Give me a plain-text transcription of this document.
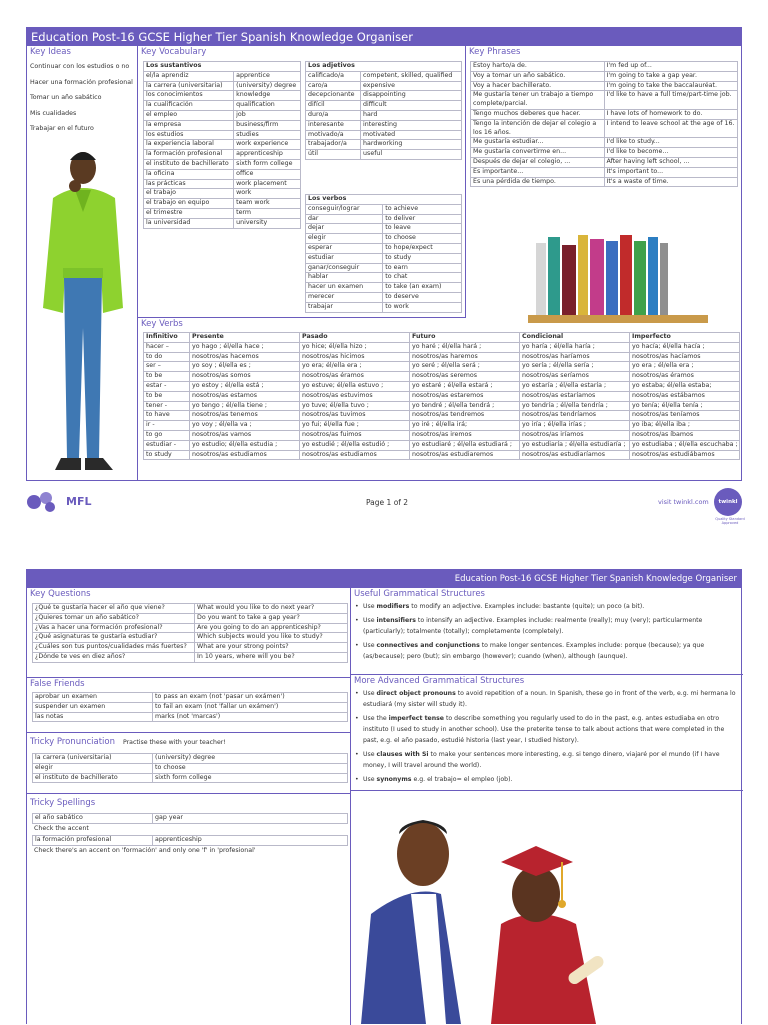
Education Post-16 GCSE Higher Tier Spanish Knowledge Organiser
Key Ideas
Continuar con los estudios o no
Hacer una formación profesional
Tomar un año sabático
Mis cualidades
Trabajar en el futuro
Key Vocabulary
Los sustantivos	
el/la aprendiz	apprentice
la carrera (universitaria)	(university) degree
los conocimientos	knowledge
la cualificación	qualification
el empleo	job
la empresa	business/firm
los estudios	studies
la experiencia laboral	work experience
la formación profesional	apprenticeship
el instituto de bachillerato	sixth form college
la oficina	office
las prácticas	work placement
el trabajo	work
el trabajo en equipo	team work
el trimestre	term
la universidad	university
Los adjetivos	
calificado/a	competent, skilled, qualified
caro/a	expensive
decepcionante	disappointing
difícil	difficult
duro/a	hard
interesante	interesting
motivado/a	motivated
trabajador/a	hardworking
útil	useful
Los verbos	
conseguir/lograr	to achieve
dar	to deliver
dejar	to leave
elegir	to choose
esperar	to hope/expect
estudiar	to study
ganar/conseguir	to earn
hablar	to chat
hacer un examen	to take (an exam)
merecer	to deserve
trabajar	to work
Key Phrases
Estoy harto/a de.	I'm fed up of...
Voy a tomar un año sabático.	I'm going to take a gap year.
Voy a hacer bachillerato.	I'm going to take the baccalauréat.
Me gustaría tener un trabajo a tiempo complete/parcial.	I'd like to have a full time/part-time job.
Tengo muchos deberes que hacer.	I have lots of homework to do.
Tengo la intención de dejar el colegio a los 16 años.	I intend to leave school at the age of 16.
Me gustaría estudiar...	I'd like to study...
Me gustaría convertirme en...	I'd like to become...
Después de dejar el colegio, ...	After having left school, ...
Es importante...	It's important to...
Es una pérdida de tiempo.	It's a waste of time.
Key Verbs
Infinitivo	Presente	Pasado	Futuro	Condicional	Imperfecto
hacer –	yo hago ; él/ella hace ;	yo hice; él/ella hizo ;	yo haré ; él/ella hará ;	yo haría ; él/ella haría ;	yo hacía; él/ella hacía ;
to do	nosotros/as hacemos	nosotros/as hicimos	nosotros/as haremos	nosotros/as haríamos	nosotros/as hacíamos
ser –	yo soy ; él/ella es ;	yo era; él/ella era ;	yo seré ; él/ella será ;	yo sería ; él/ella sería ;	yo era ; él/ella era ;
to be	nosotros/as somos	nosotros/as éramos	nosotros/as seremos	nosotros/as seríamos	nosotros/as éramos
estar -	yo estoy ; él/ella está ;	yo estuve; él/ella estuvo ;	yo estaré ; él/ella estará ;	yo estaría ; él/ella estaría ;	yo estaba; él/ella estaba;
to be	nosotros/as estamos	nosotros/as estuvimos	nosotros/as estaremos	nosotros/as estaríamos	nosotros/as estábamos
tener -	yo tengo ; él/ella tiene ;	yo tuve; él/ella tuvo ;	yo tendré ; él/ella tendrá ;	yo tendría ; él/ella tendría ;	yo tenía; él/ella tenía ;
to have	nosotros/as tenemos	nosotros/as tuvimos	nosotros/as tendremos	nosotros/as tendríamos	nosotros/as teníamos
ir -	yo voy ; él/ella va ;	yo fui; él/ella fue ;	yo iré ; él/ella irá;	yo iría ; él/ella irías ;	yo iba; él/ella iba ;
to go	nosotros/as vamos	nosotros/as fuimos	nosotros/as iremos	nosotros/as iríamos	nosotros/as íbamos
estudiar -	yo estudio; él/ella estudia ;	yo estudié ; él/ella estudió ;	yo estudiaré ; él/ella estudiará ;	yo estudiaría ; él/ella estudiaría ;	yo estudiaba ; él/ella escuchaba ;
to study	nosotros/as estudiamos	nosotros/as estudiamos	nosotros/as estudiaremos	nosotros/as estudiaríamos	nosotros/as estudiábamos
MFL	Page 1 of 2	visit twinkl.com	twinkl
Quality Standard Approved
Education Post-16 GCSE Higher Tier Spanish Knowledge Organiser
Key Questions
¿Qué te gustaría hacer el año que viene?	What would you like to do next year?
¿Quieres tomar un año sabático?	Do you want to take a gap year?
¿Vas a hacer una formación profesional?	Are you going to do an apprenticeship?
¿Qué asignaturas te gustaría estudiar?	Which subjects would you like to study?
¿Cuáles son tus puntos/cualidades más fuertes?	What are your strong points?
¿Dónde te ves en diez años?	In 10 years, where will you be?
False Friends
aprobar un examen	to pass an exam (not 'pasar un exámen')
suspender un examen	to fail an exam (not 'fallar un exámen')
las notas	marks (not 'marcas')
Tricky Pronunciation Practise these with your teacher!
la carrera (universitaria)	(university) degree
elegir	to choose
el instituto de bachillerato	sixth form college
Tricky Spellings
el año sabático	gap year
Check the accent
la formación profesional	apprenticeship
Check there's an accent on 'formación' and only one 'f' in 'profesional'
Useful Grammatical Structures
• Use modifiers to modify an adjective. Examples include: bastante (quite); un poco (a bit).
• Use intensifiers to intensify an adjective. Examples include: realmente (really); muy (very); particularmente (particularly); totalmente (totally); completamente (completely).
• Use connectives and conjunctions to make longer sentences. Examples include: porque (because); ya que (as/because); pero (but); sin embargo (however); cuando (when), although (aunque).
More Advanced Grammatical Structures
• Use direct object pronouns to avoid repetition of a noun. In Spanish, these go in front of the verb, e.g. mi hermana lo estudiará (my sister will study it).
• Use the imperfect tense to describe something you regularly used to do in the past, e.g. antes estudiaba en otro instituto (I used to study in another school). Use the preterite tense to talk about actions that were completed in the past, e.g. el año pasado, estudié historia (last year, I studied history).
• Use clauses with Si to make your sentences more interesting, e.g. si tengo dinero, viajaré por el mundo (if I have money, I will travel around the world).
• Use synonyms e.g. el trabajo= el empleo (job).
